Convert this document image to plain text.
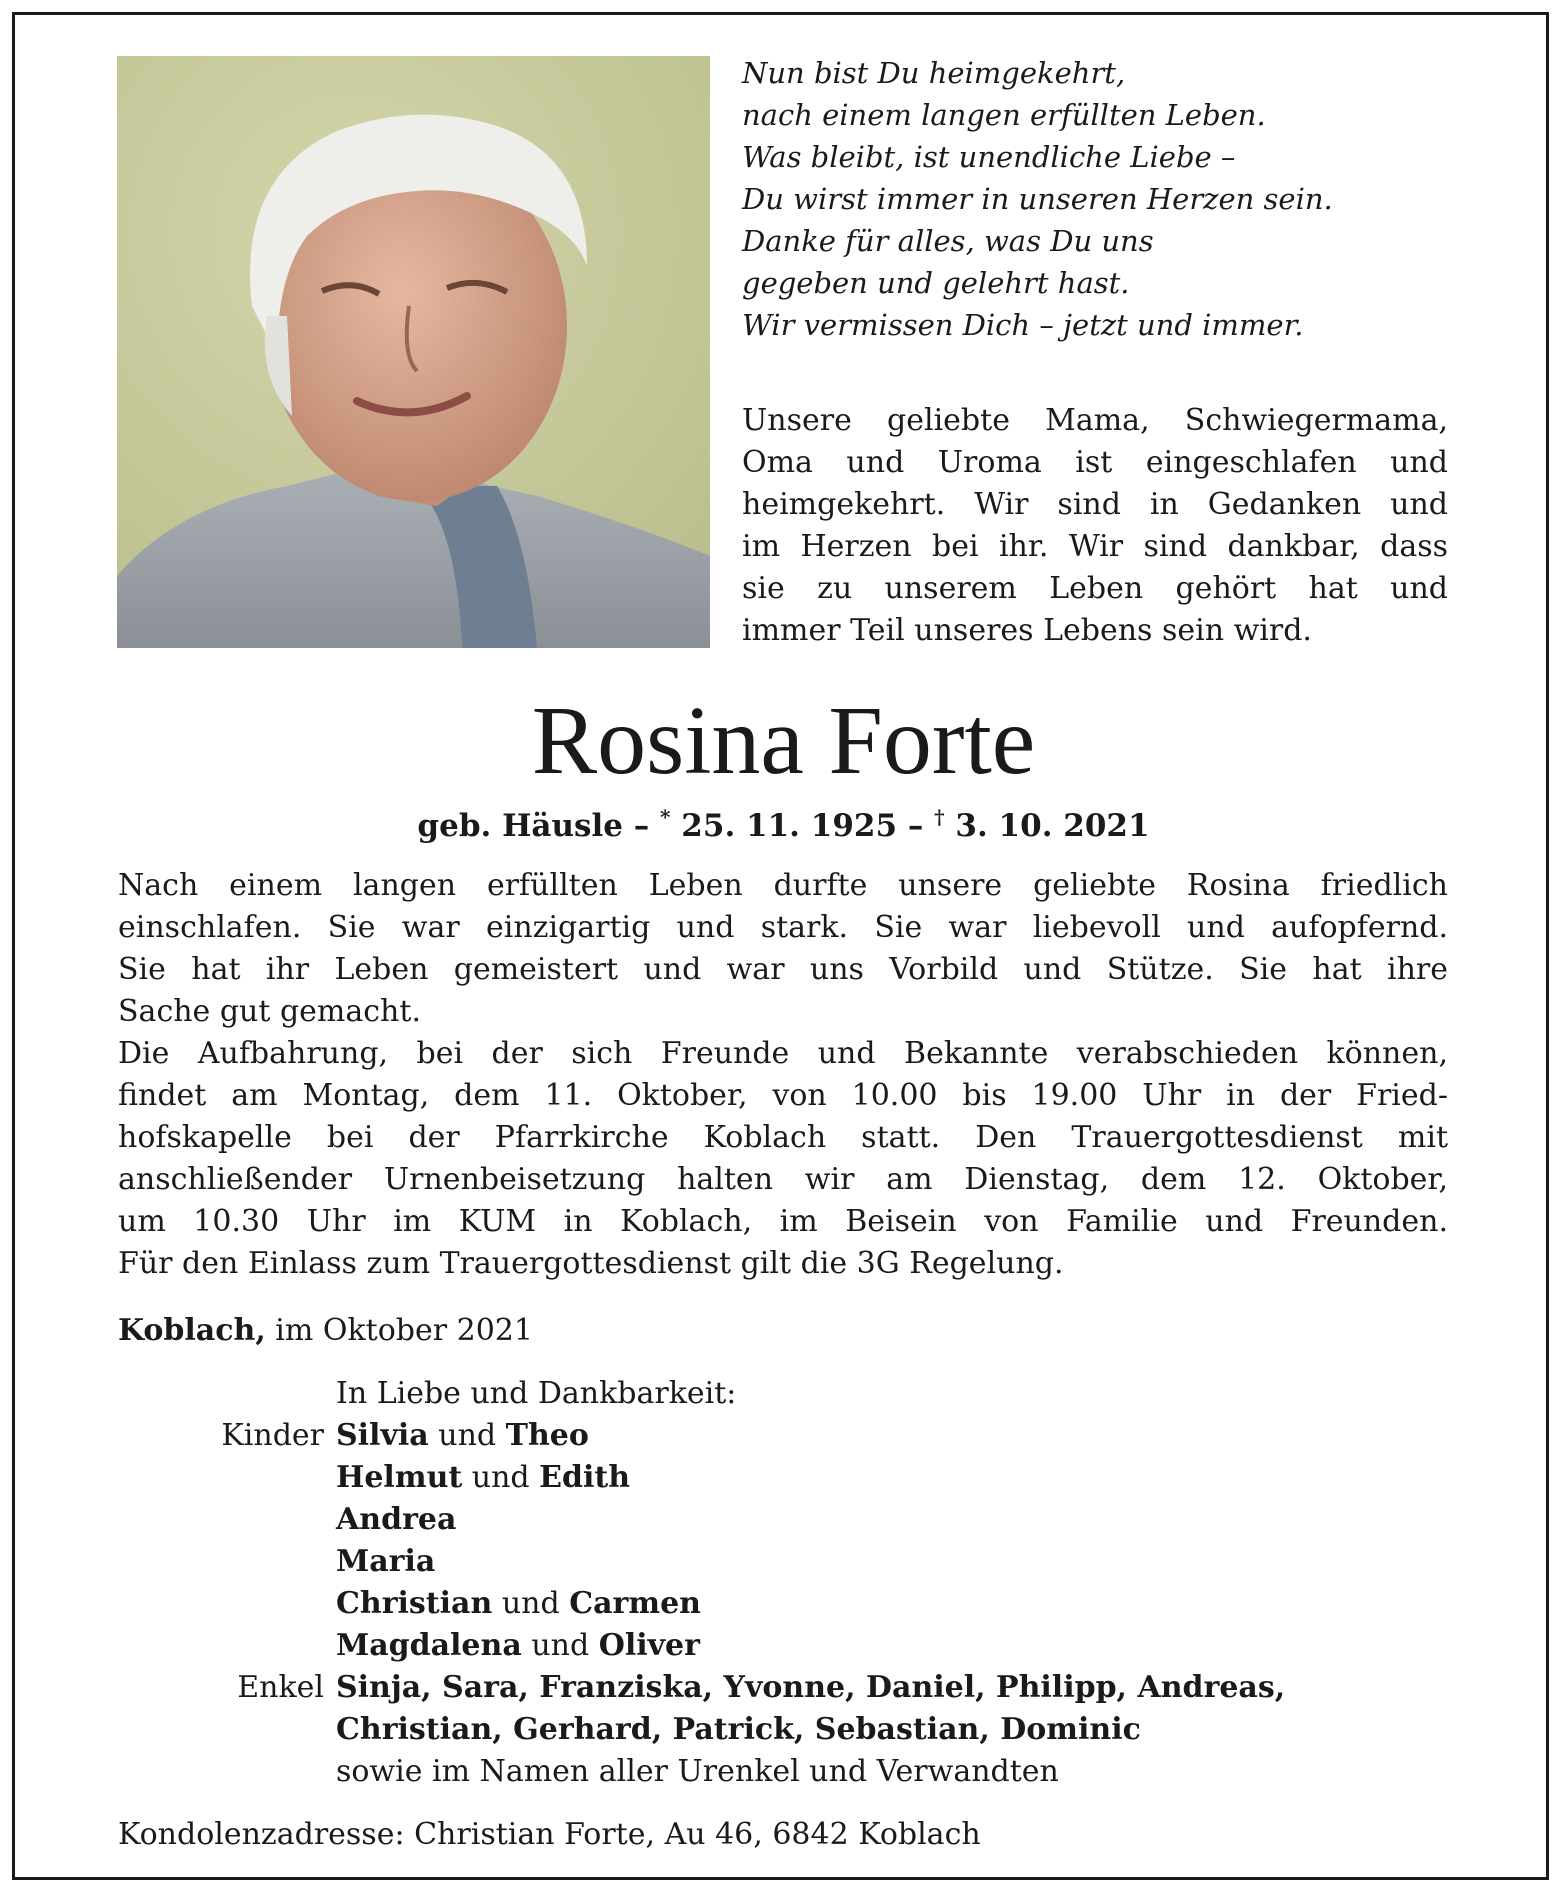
Nun bist Du heimgekehrt,
nach einem langen erfüllten Leben.
Was bleibt, ist unendliche Liebe –
Du wirst immer in unseren Herzen sein.
Danke für alles, was Du uns
gegeben und gelehrt hast.
Wir vermissen Dich – jetzt und immer.
Unsere geliebte Mama, Schwiegermama,
Oma und Uroma ist eingeschlafen und
heimgekehrt. Wir sind in Gedanken und
im Herzen bei ihr. Wir sind dankbar, dass
sie zu unserem Leben gehört hat und
immer Teil unseres Lebens sein wird.
Rosina Forte
geb. Häusle – * 25. 11. 1925 – † 3. 10. 2021
Nach einem langen erfüllten Leben durfte unsere geliebte Rosina friedlich
einschlafen. Sie war einzigartig und stark. Sie war liebevoll und aufopfernd.
Sie hat ihr Leben gemeistert und war uns Vorbild und Stütze. Sie hat ihre
Sache gut gemacht.
Die Aufbahrung, bei der sich Freunde und Bekannte verabschieden können,
findet am Montag, dem 11. Oktober, von 10.00 bis 19.00 Uhr in der Fried-
hofskapelle bei der Pfarrkirche Koblach statt. Den Trauergottesdienst mit
anschließender Urnenbeisetzung halten wir am Dienstag, dem 12. Oktober,
um 10.30 Uhr im KUM in Koblach, im Beisein von Familie und Freunden.
Für den Einlass zum Trauergottesdienst gilt die 3G Regelung.
Koblach, im Oktober 2021
In Liebe und Dankbarkeit:
Kinder Silvia und Theo
Helmut und Edith
Andrea
Maria
Christian und Carmen
Magdalena und Oliver
Enkel Sinja, Sara, Franziska, Yvonne, Daniel, Philipp, Andreas,
Christian, Gerhard, Patrick, Sebastian, Dominic
sowie im Namen aller Urenkel und Verwandten
Kondolenzadresse: Christian Forte, Au 46, 6842 Koblach
